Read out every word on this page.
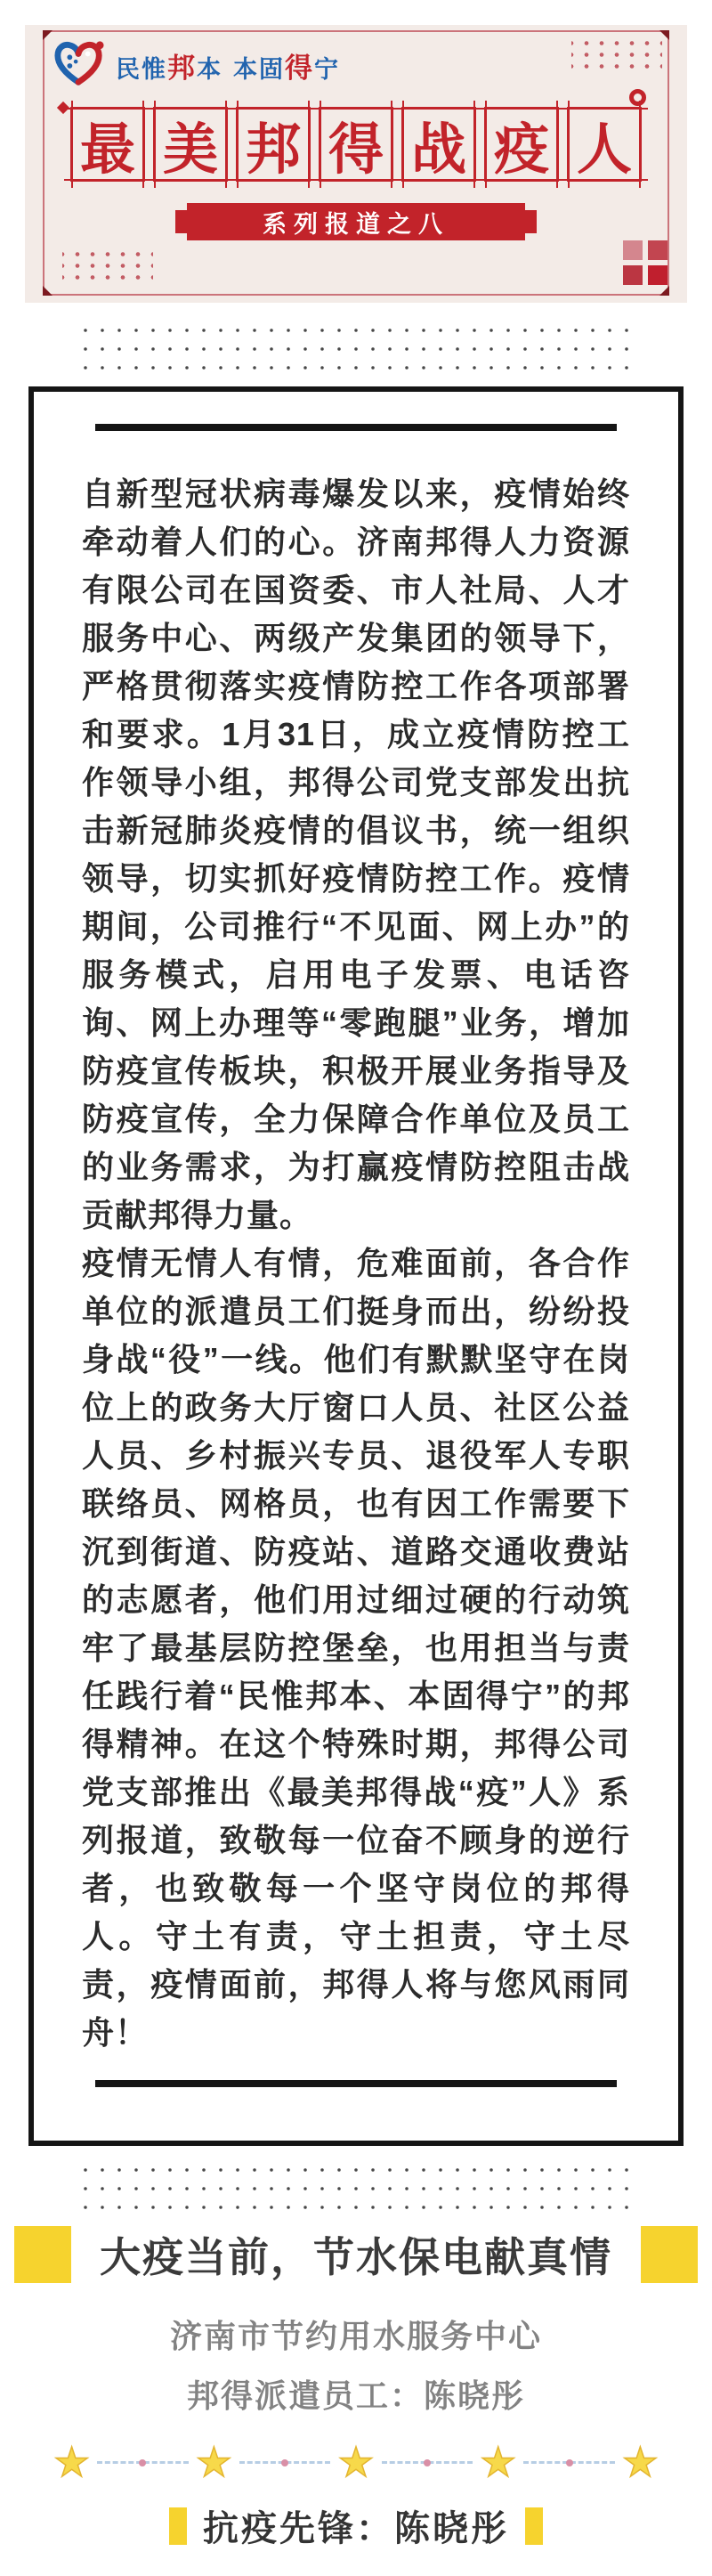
民惟邦本 本固得宁
最 美 邦 得 战 疫 人
系列报道之八

自新型冠状病毒爆发以来，疫情始终牵动着人们的心。济南邦得人力资源有限公司在国资委、市人社局、人才服务中心、两级产发集团的领导下，严格贯彻落实疫情防控工作各项部署和要求。1月31日，成立疫情防控工作领导小组，邦得公司党支部发出抗击新冠肺炎疫情的倡议书，统一组织领导，切实抓好疫情防控工作。疫情期间，公司推行“不见面、网上办”的服务模式，启用电子发票、电话咨询、网上办理等“零跑腿”业务，增加防疫宣传板块，积极开展业务指导及防疫宣传，全力保障合作单位及员工的业务需求，为打赢疫情防控阻击战贡献邦得力量。

疫情无情人有情，危难面前，各合作单位的派遣员工们挺身而出，纷纷投身战“役”一线。他们有默默坚守在岗位上的政务大厅窗口人员、社区公益人员、乡村振兴专员、退役军人专职联络员、网格员，也有因工作需要下沉到街道、防疫站、道路交通收费站的志愿者，他们用过细过硬的行动筑牢了最基层防控堡垒，也用担当与责任践行着“民惟邦本、本固得宁”的邦得精神。在这个特殊时期，邦得公司党支部推出《最美邦得战“疫”人》系列报道，致敬每一位奋不顾身的逆行者，也致敬每一个坚守岗位的邦得人。守土有责，守土担责，守土尽责，疫情面前，邦得人将与您风雨同舟！

大疫当前，节水保电献真情
济南市节约用水服务中心
邦得派遣员工：陈晓彤
★	★	★	★	★
抗疫先锋：陈晓彤
